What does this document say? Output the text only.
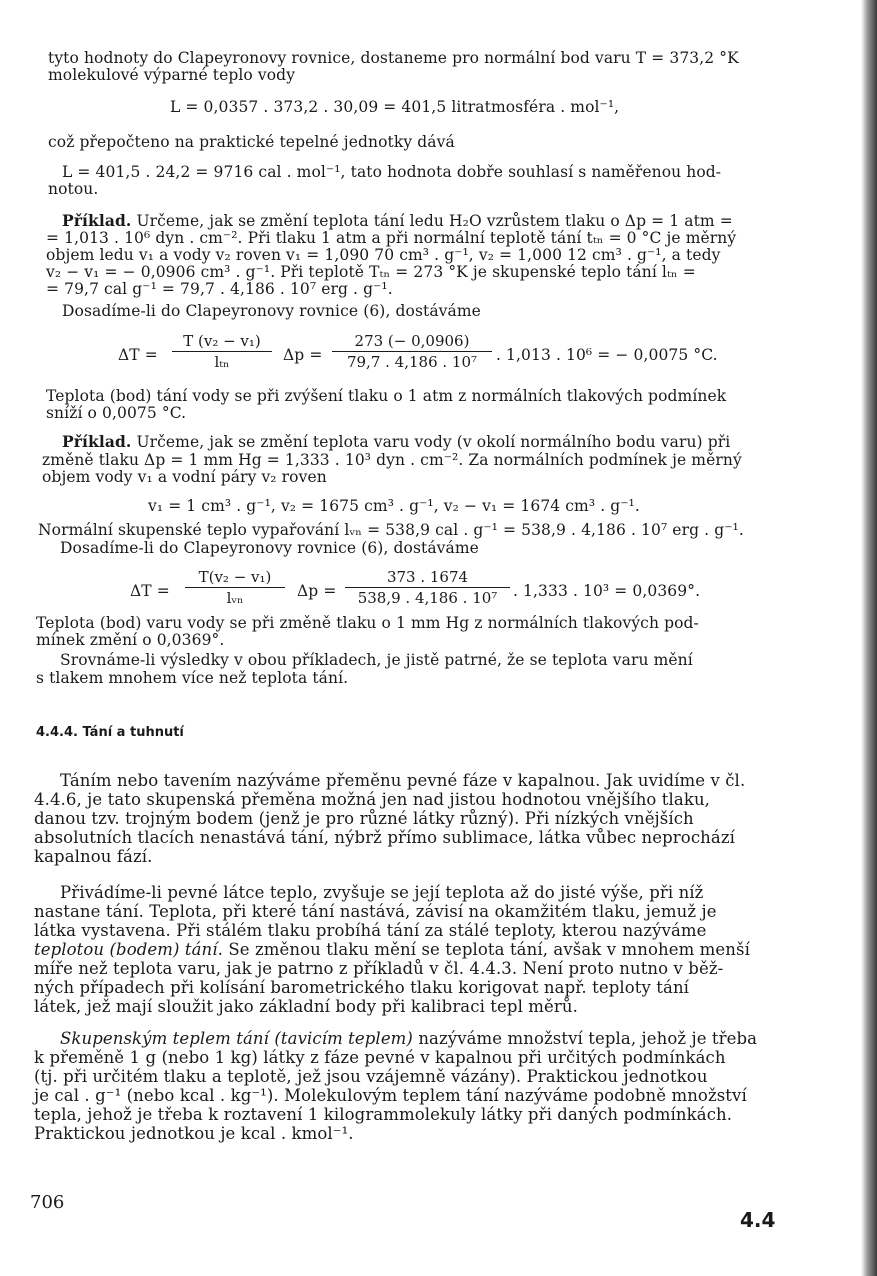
tyto hodnoty do Clapeyronovy rovnice, dostaneme pro normální bod varu T = 373,2 °K

molekulové výparné teplo vody

L = 0,0357 . 373,2 . 30,09 = 401,5 litratmosféra . mol⁻¹,

což přepočteno na praktické tepelné jednotky dává

L = 401,5 . 24,2 = 9716 cal . mol⁻¹, tato hodnota dobře souhlasí s naměřenou hod-

notou.

Příklad. Určeme, jak se změní teplota tání ledu H₂O vzrůstem tlaku o Δp = 1 atm =

= 1,013 . 10⁶ dyn . cm⁻². Při tlaku 1 atm a při normální teplotě tání tₜₙ = 0 °C je měrný

objem ledu v₁ a vody v₂ roven v₁ = 1,090 70 cm³ . g⁻¹, v₂ = 1,000 12 cm³ . g⁻¹, a tedy

v₂ − v₁ = − 0,0906 cm³ . g⁻¹. Při teplotě Tₜₙ = 273 °K je skupenské teplo tání lₜₙ =

= 79,7 cal g⁻¹ = 79,7 . 4,186 . 10⁷ erg . g⁻¹.

Dosadíme-li do Clapeyronovy rovnice (6), dostáváme

ΔT =

T (v₂ − v₁)
lₜₙ	$\Delta p = \frac{273 (- 0,0906)}{\text{79,7 . 4,186 . 10⁷}}$ . 1,013 . 10⁶ = − 0,0075 °C.

Teplota (bod) tání vody se při zvýšení tlaku o 1 atm z normálních tlakových podmínek

sníží o 0,0075 °C.

Příklad. Určeme, jak se změní teplota varu vody (v okolí normálního bodu varu) při

změně tlaku Δp = 1 mm Hg = 1,333 . 10³ dyn . cm⁻². Za normálních podmínek je měrný

objem vody v₁ a vodní páry v₂ roven

v₁ = 1 cm³ . g⁻¹, v₂ = 1675 cm³ . g⁻¹, v₂ − v₁ = 1674 cm³ . g⁻¹.

Normální skupenské teplo vypařování lᵥₙ = 538,9 cal . g⁻¹ = 538,9 . 4,186 . 10⁷ erg . g⁻¹.

Dosadíme-li do Clapeyronovy rovnice (6), dostáváme

ΔT =

T(v₂ − v₁)
lᵥₙ	$\Delta p = \frac{373 . 1674}{\text{538,9 . 4,186 . 10⁷}}$ . 1,333 . 10³ = 0,0369°.

Teplota (bod) varu vody se při změně tlaku o 1 mm Hg z normálních tlakových pod-

mínek změní o 0,0369°.

Srovnáme-li výsledky v obou příkladech, je jistě patrné, že se teplota varu mění

s tlakem mnohem více než teplota tání.

4.4.4. Tání a tuhnutí

Táním nebo tavením nazýváme přeměnu pevné fáze v kapalnou. Jak uvidíme v čl.

4.4.6, je tato skupenská přeměna možná jen nad jistou hodnotou vnějšího tlaku,

danou tzv. trojným bodem (jenž je pro různé látky různý). Při nízkých vnějších

absolutních tlacích nenastává tání, nýbrž přímo sublimace, látka vůbec neprochází

kapalnou fází.

Přivádíme-li pevné látce teplo, zvyšuje se její teplota až do jisté výše, při níž

nastane tání. Teplota, při které tání nastává, závisí na okamžitém tlaku, jemuž je

látka vystavena. Při stálém tlaku probíhá tání za stálé teploty, kterou nazýváme

teplotou (bodem) tání. Se změnou tlaku mění se teplota tání, avšak v mnohem menší

míře než teplota varu, jak je patrno z příkladů v čl. 4.4.3. Není proto nutno v běž-

ných případech při kolísání barometrického tlaku korigovat např. teploty tání

látek, jež mají sloužit jako základní body při kalibraci tepl měrů.

Skupenským teplem tání (tavicím teplem) nazýváme množství tepla, jehož je třeba

k přeměně 1 g (nebo 1 kg) látky z fáze pevné v kapalnou při určitých podmínkách

(tj. při určitém tlaku a teplotě, jež jsou vzájemně vázány). Praktickou jednotkou

je cal . g⁻¹ (nebo kcal . kg⁻¹). Molekulovým teplem tání nazýváme podobně množství

tepla, jehož je třeba k roztavení 1 kilogrammolekuly látky při daných podmínkách.

Praktickou jednotkou je kcal . kmol⁻¹.

706
4.4
